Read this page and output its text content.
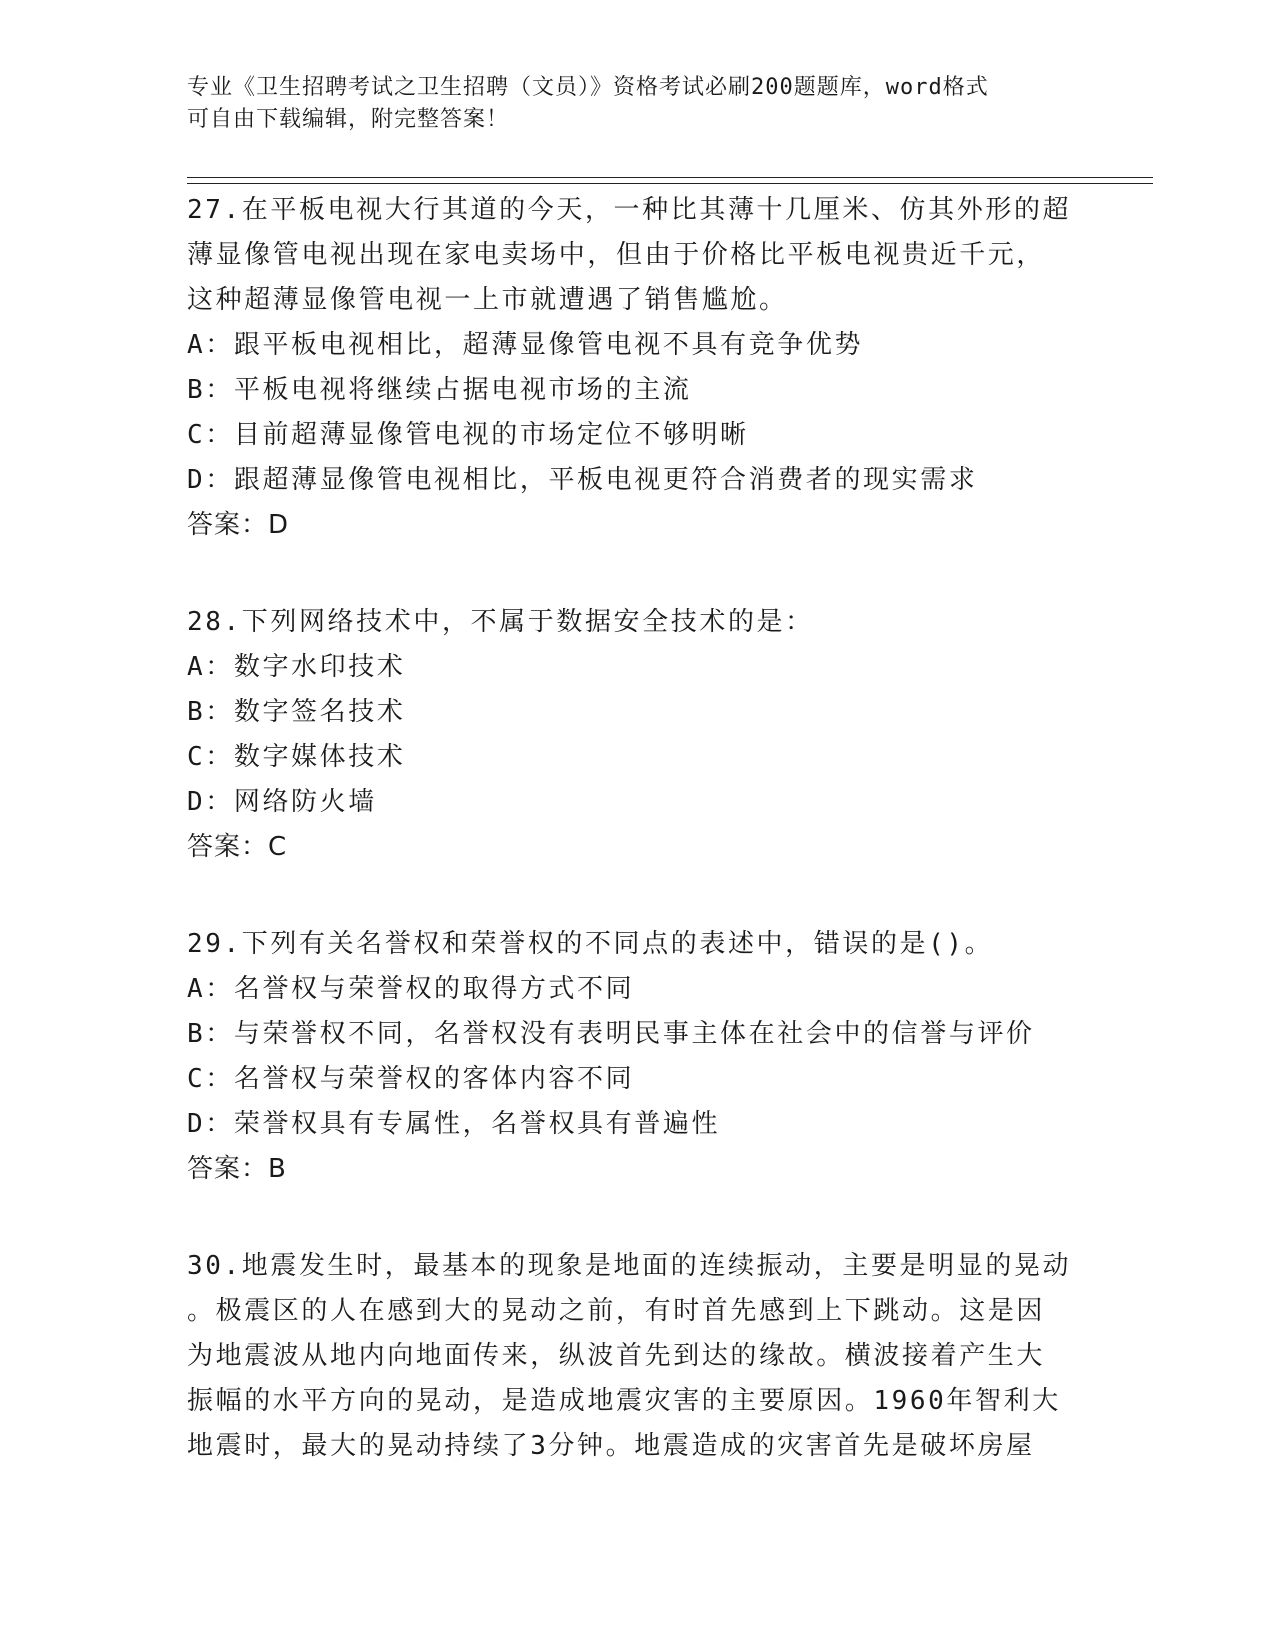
专业《卫生招聘考试之卫生招聘（文员）》资格考试必刷200题题库，word格式
可自由下载编辑，附完整答案！
27.在平板电视大行其道的今天，一种比其薄十几厘米、仿其外形的超
薄显像管电视出现在家电卖场中，但由于价格比平板电视贵近千元，
这种超薄显像管电视一上市就遭遇了销售尴尬。
A：跟平板电视相比，超薄显像管电视不具有竞争优势
B：平板电视将继续占据电视市场的主流
C：目前超薄显像管电视的市场定位不够明晰
D：跟超薄显像管电视相比，平板电视更符合消费者的现实需求
答案：D
28.下列网络技术中，不属于数据安全技术的是：
A：数字水印技术
B：数字签名技术
C：数字媒体技术
D：网络防火墙
答案：C
29.下列有关名誉权和荣誉权的不同点的表述中，错误的是()。
A：名誉权与荣誉权的取得方式不同
B：与荣誉权不同，名誉权没有表明民事主体在社会中的信誉与评价
C：名誉权与荣誉权的客体内容不同
D：荣誉权具有专属性，名誉权具有普遍性
答案：B
30.地震发生时，最基本的现象是地面的连续振动，主要是明显的晃动
。极震区的人在感到大的晃动之前，有时首先感到上下跳动。这是因
为地震波从地内向地面传来，纵波首先到达的缘故。横波接着产生大
振幅的水平方向的晃动，是造成地震灾害的主要原因。1960年智利大
地震时，最大的晃动持续了3分钟。地震造成的灾害首先是破坏房屋
